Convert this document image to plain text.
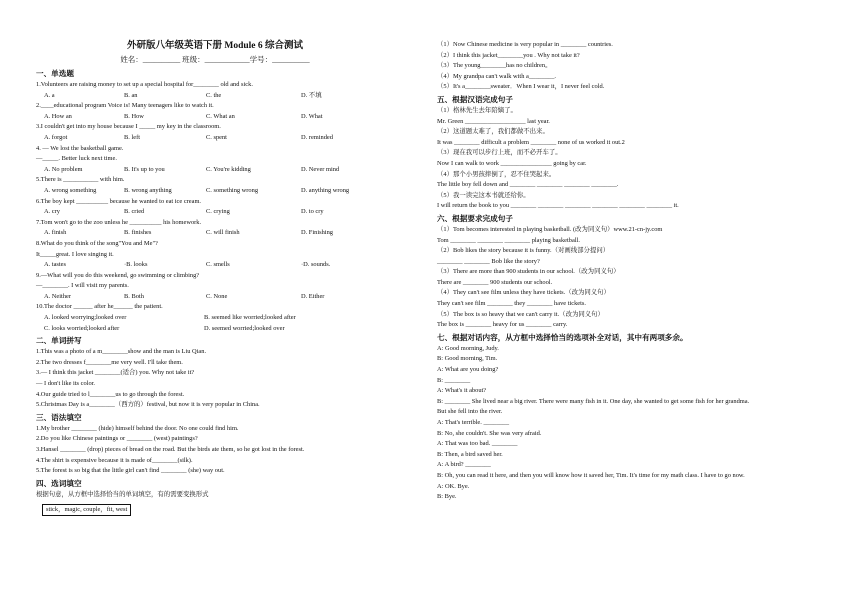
外研版八年级英语下册 Module 6 综合测试
姓名：__________ 班级：____________学号：__________
一、单选题
1.Volunteers are raising money to set up a special hospital for________ old and sick.
A. a	B. an	C. the	D. 不填
2.____educational program Voice is! Many teenagers like to watch it.
A. How an	B. How	C. What an	D. What
3.I couldn't get into my house because I _____ my key in the classroom.
A. forgot	B. left	C. spent	D. reminded
4. — We lost the basketball game.
—_____. Better luck next time.
A. No problem	B. It's up to you	C. You're kidding	D. Never mind
5.There is ___________ with him.
A. wrong something	B. wrong anything	C. something wrong	D. anything wrong
6.The boy kept __________ because he wanted to eat ice cream.
A. cry	B. cried	C. crying	D. to cry
7.Tom won't go to the zoo unless he __________ his homework.
A. finish	B. finishes	C. will finish	D. Finishing
8.What do you think of the song"You and Me"?
It_____great. I love singing it.
A. tastes	·B. looks	C. smells	·D. sounds.
9.—What will you do this weekend, go swimming or climbing?
—________. I will visit my parents.
A. Neither	B. Both	C. None	D. Either
10.The doctor ______ after he______ the patient.
A. looked worrying;looked over	B. seemed like worried;looked after
C. looks worried;looked after	D. seemed worried;looked over
二、单词拼写
1.This was a photo of a m________show and the man is Liu Qian.
2.The two dresses f________me very well. I'll take them.
3.— I think this jacket ________(适合) you. Why not take it?
— I don't like its color.
4.Our guide tried to l________us to go through the forest.
5.Christmas Day is a________（西方的）festival, but now it is very popular in China.
三、语法填空
1.My brother ________ (hide) himself behind the door. No one could find him.
2.Do you like Chinese paintings or ________ (west) paintings?
3.Hansel ________ (drop) pieces of bread on the road. But the birds ate them, so he got lost in the forest.
4.The shirt is expensive because it is made of________(silk).
5.The forest is so big that the little girl can't find ________ (she) way out.
四、选词填空
根据句意，从方框中选择恰当的单词填空，有的需要变换形式
stick，magic, couple，fit, west
（1）Now Chinese medicine is very popular in ________ countries.
（2）I think this jacket________you . Why not take it?
（3）The young________has no children。
（4）My grandpa can't walk with a________.
（5）It's a________sweater．When I wear it，I never feel cold.
五、根据汉语完成句子
（1）格林先生去年陪嫡了。
Mr. Green ___________________ last year.
（2）这道题太难了，我们都做不出来。
It was ________ difficult a problem ________ none of us worked it out.2
（3）现在我可以步行上班，而不必开车了。
Now I can walk to work ________________ going by car.
（4）那个小男孩摔倒了，忍不住哭起来。
The little boy fell down and ________ ________ ________ ________.
（5）我一读完这本书就还给你。
I will return the book to you ________ ________ ________ ________ ________ ________ it.
六、根据要求完成句子
（1）Tom becomes interested in playing basketball. (改为同义句）www.21-cn-jy.com
Tom ________ ________ ________ playing basketball.
（2）Bob likes the story because it is funny.（对画线部分提问）
________ ________ Bob like the story?
（3）There are more than 900 students in our school.（改为同义句）
There are ________ 900 students our school.
（4）They can't see film unless they have tickets.（改为同义句）
They can't see film ________ they ________ have tickets.
（5）The box is so heavy that we can't carry it.（改为同义句）
The box is ________ heavy for us ________ carry.
七、根据对话内容，从方框中选择恰当的选项补全对话，其中有两项多余。
A: Good morning, Judy.
B: Good morning, Tim.
A: What are you doing?
B: ________
A: What's it about?
B: ________ She lived near a big river. There were many fish in it. One day, she wanted to get some fish for her grandma.
But she fell into the river.
A: That's terrible. ________
B: No, she couldn't. She was very afraid.
A: That was too bad. ________
B: Then, a bird saved her.
A: A bird? ________
B: Oh, you can read it here, and then you will know how it saved her, Tim. It's time for my math class. I have to go now.
A: OK. Bye.
B: Bye.
